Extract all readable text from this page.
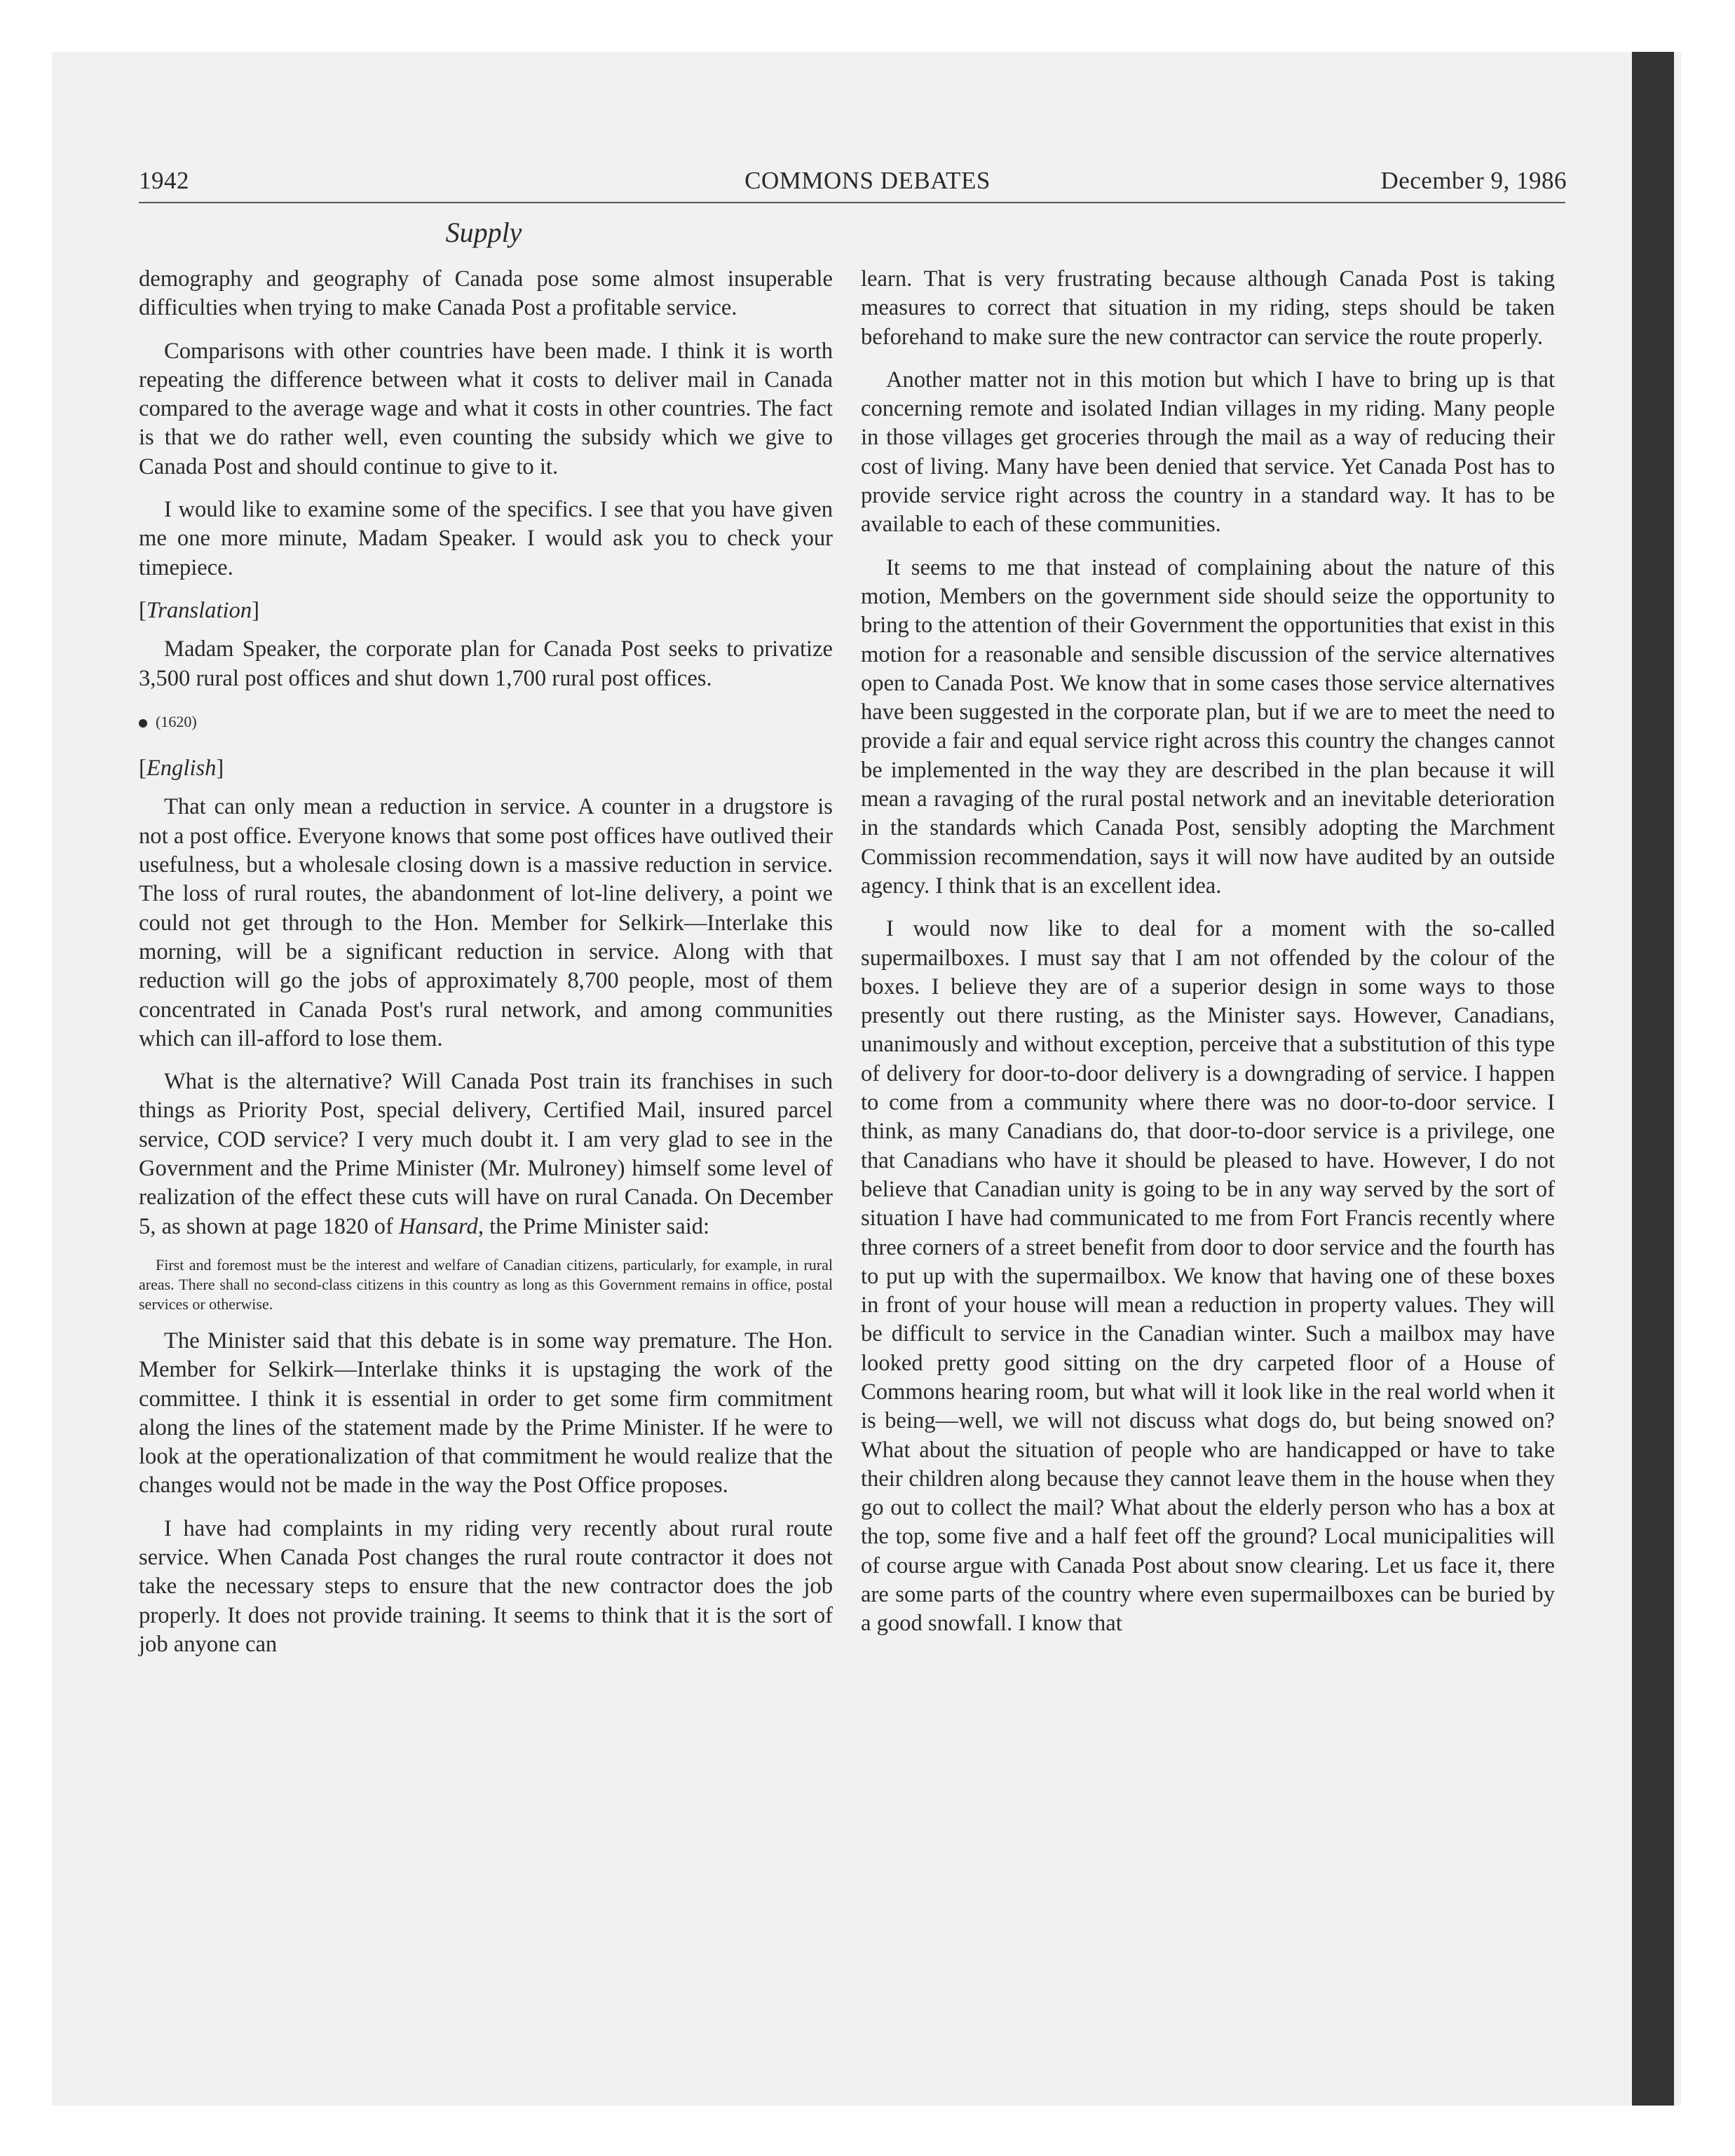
1942	COMMONS DEBATES	December 9, 1986
Supply

demography and geography of Canada pose some almost insuperable difficulties when trying to make Canada Post a profitable service.

Comparisons with other countries have been made. I think it is worth repeating the difference between what it costs to deliver mail in Canada compared to the average wage and what it costs in other countries. The fact is that we do rather well, even counting the subsidy which we give to Canada Post and should continue to give to it.

I would like to examine some of the specifics. I see that you have given me one more minute, Madam Speaker. I would ask you to check your timepiece.

[Translation]

Madam Speaker, the corporate plan for Canada Post seeks to privatize 3,500 rural post offices and shut down 1,700 rural post offices.

(1620)

[English]

That can only mean a reduction in service. A counter in a drugstore is not a post office. Everyone knows that some post offices have outlived their usefulness, but a wholesale closing down is a massive reduction in service. The loss of rural routes, the abandonment of lot-line delivery, a point we could not get through to the Hon. Member for Selkirk—Interlake this morning, will be a significant reduction in service. Along with that reduction will go the jobs of approximately 8,700 people, most of them concentrated in Canada Post's rural network, and among communities which can ill-afford to lose them.

What is the alternative? Will Canada Post train its franchises in such things as Priority Post, special delivery, Certified Mail, insured parcel service, COD service? I very much doubt it. I am very glad to see in the Government and the Prime Minister (Mr. Mulroney) himself some level of realization of the effect these cuts will have on rural Canada. On December 5, as shown at page 1820 of Hansard, the Prime Minister said:

First and foremost must be the interest and welfare of Canadian citizens, particularly, for example, in rural areas. There shall no second-class citizens in this country as long as this Government remains in office, postal services or otherwise.

The Minister said that this debate is in some way premature. The Hon. Member for Selkirk—Interlake thinks it is upstaging the work of the committee. I think it is essential in order to get some firm commitment along the lines of the statement made by the Prime Minister. If he were to look at the operationalization of that commitment he would realize that the changes would not be made in the way the Post Office proposes.

I have had complaints in my riding very recently about rural route service. When Canada Post changes the rural route contractor it does not take the necessary steps to ensure that the new contractor does the job properly. It does not provide training. It seems to think that it is the sort of job anyone can

learn. That is very frustrating because although Canada Post is taking measures to correct that situation in my riding, steps should be taken beforehand to make sure the new contractor can service the route properly.

Another matter not in this motion but which I have to bring up is that concerning remote and isolated Indian villages in my riding. Many people in those villages get groceries through the mail as a way of reducing their cost of living. Many have been denied that service. Yet Canada Post has to provide service right across the country in a standard way. It has to be available to each of these communities.

It seems to me that instead of complaining about the nature of this motion, Members on the government side should seize the opportunity to bring to the attention of their Government the opportunities that exist in this motion for a reasonable and sensible discussion of the service alternatives open to Canada Post. We know that in some cases those service alternatives have been suggested in the corporate plan, but if we are to meet the need to provide a fair and equal service right across this country the changes cannot be implemented in the way they are described in the plan because it will mean a ravaging of the rural postal network and an inevitable deterioration in the standards which Canada Post, sensibly adopting the Marchment Commission recommendation, says it will now have audited by an outside agency. I think that is an excellent idea.

I would now like to deal for a moment with the so-called supermailboxes. I must say that I am not offended by the colour of the boxes. I believe they are of a superior design in some ways to those presently out there rusting, as the Minister says. However, Canadians, unanimously and without exception, perceive that a substitution of this type of delivery for door-to-door delivery is a downgrading of service. I happen to come from a community where there was no door-to-door service. I think, as many Canadians do, that door-to-door service is a privilege, one that Canadians who have it should be pleased to have. However, I do not believe that Canadian unity is going to be in any way served by the sort of situation I have had communicated to me from Fort Francis recently where three corners of a street benefit from door to door service and the fourth has to put up with the supermailbox. We know that having one of these boxes in front of your house will mean a reduction in property values. They will be difficult to service in the Canadian winter. Such a mailbox may have looked pretty good sitting on the dry carpeted floor of a House of Commons hearing room, but what will it look like in the real world when it is being—well, we will not discuss what dogs do, but being snowed on? What about the situation of people who are handicapped or have to take their children along because they cannot leave them in the house when they go out to collect the mail? What about the elderly person who has a box at the top, some five and a half feet off the ground? Local municipalities will of course argue with Canada Post about snow clearing. Let us face it, there are some parts of the country where even supermailboxes can be buried by a good snowfall. I know that
